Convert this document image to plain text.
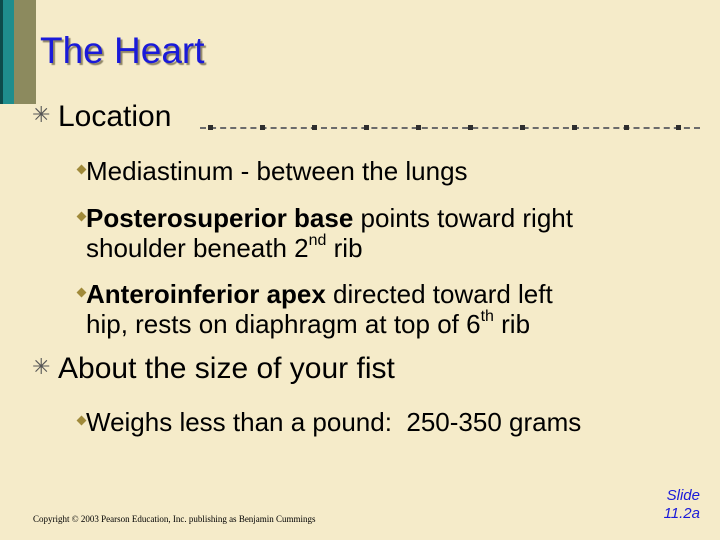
The Heart
✳ Location
Mediastinum - between the lungs
Posterosuperior base points toward right
shoulder beneath 2nd rib
Anteroinferior apex directed toward left
hip, rests on diaphragm at top of 6th rib
✳ About the size of your fist
Weighs less than a pound:  250-350 grams
Copyright © 2003 Pearson Education, Inc. publishing as Benjamin Cummings
Slide
11.2a
